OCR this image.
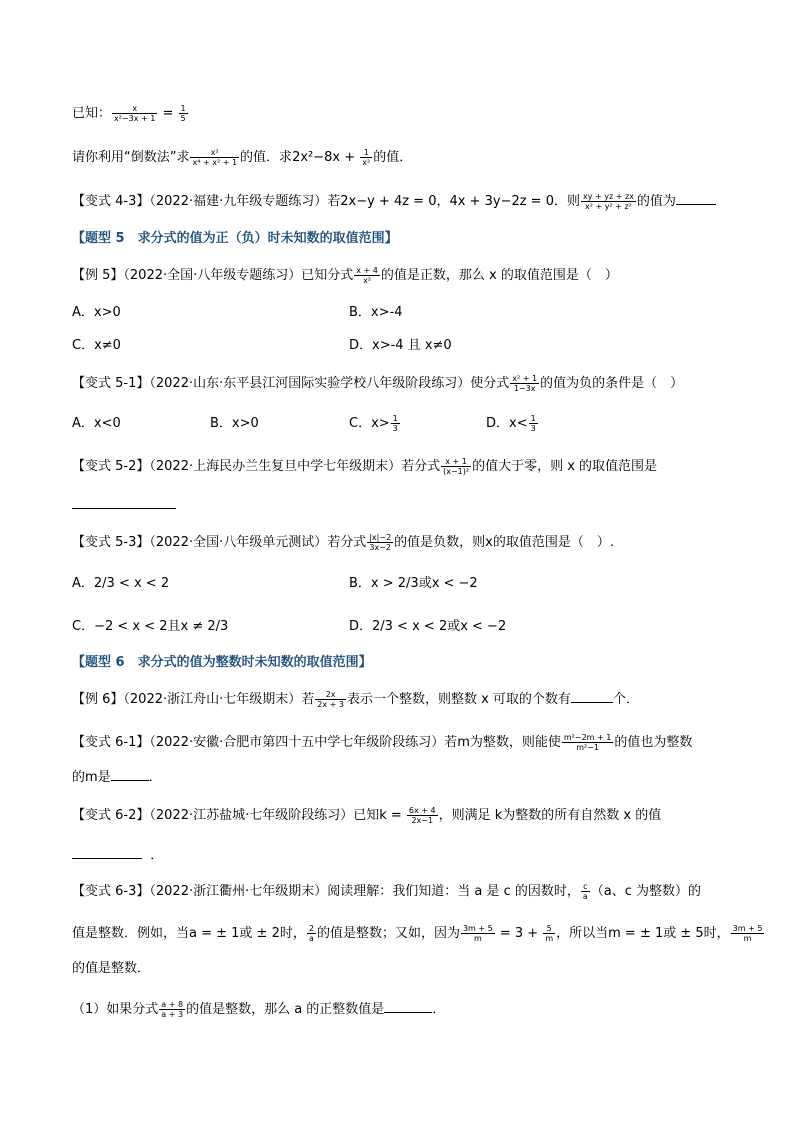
已知： $\frac{x}{\text{x²−3x + 1}} = \frac{1}{5}$
请你利用“倒数法”求 $\frac{\text{x²}}{\text{x⁴ + x² + 1}}$ 的值．求$2x^2-8x + \frac{1}{\text{x²}}$ 的值．
【变式 4-3】（2022·福建·九年级专题练习）若2x−y + 4z = 0，4x + 3y−2z = 0．则 $\frac{xy + yz + zx}{\text{x² + y² + z²}}$ 的值为
【题型 5　求分式的值为正（负）时未知数的取值范围】
【例 5】（2022·全国·八年级专题练习）已知分式 $\frac{x + 4}{\text{x²}}$ 的值是正数，那么 x 的取值范围是（　）
A．x>0	B．x>-4
C．x≠0	D．x>-4 且 x≠0
【变式 5-1】（2022·山东·东平县江河国际实验学校八年级阶段练习）使分式 $\frac{\text{x² + 1}}{1-3x}$ 的值为负的条件是（　）
A．x<0	B．x>0	C．$x> \frac{1}{3}$	D．$x< \frac{1}{3}$
【变式 5-2】（2022·上海民办兰生复旦中学七年级期末）若分式 $\frac{x + 1}{\text{(x−1)²}}$ 的值大于零，则 x 的取值范围是
【变式 5-3】（2022·全国·八年级单元测试）若分式 $\frac{|x|-2}{3x-2}$ 的值是负数，则x的取值范围是（　）.
A．2/3 < x < 2	B．x > 2/3或x < −2
C．−2 < x < 2且x ≠ 2/3	D．2/3 < x < 2或x < −2
【题型 6　求分式的值为整数时未知数的取值范围】
【例 6】（2022·浙江舟山·七年级期末）若 $\frac{2x}{2x + 3}$ 表示一个整数，则整数 x 可取的个数有	个．
【变式 6-1】（2022·安徽·合肥市第四十五中学七年级阶段练习）若m为整数，则能使 $\frac{\text{m²−2m + 1}}{\text{m²−1}}$ 的值也为整数
的m是	．
【变式 6-2】（2022·江苏盐城·七年级阶段练习）已知$k = \frac{6x + 4}{2x-1}$ ，则满足 k为整数的所有自然数 x 的值
．
【变式 6-3】（2022·浙江衢州·七年级期末）阅读理解：我们知道：当 a 是 c 的因数时， $\frac{c}{a} (a$、c 为整数）的
值是整数．例如，当a = ± 1或 ± 2时， $\frac{2}{a}$ 的值是整数；又如，因为 $\frac{3m + 5}{m} = 3 + \frac{5}{m}$ ，所以当m = ± 1或 ± 5时， $\frac{3m + 5}{m}$
的值是整数．
（1）如果分式 $\frac{a + 8}{a + 3}$ 的值是整数，那么 a 的正整数值是	．
